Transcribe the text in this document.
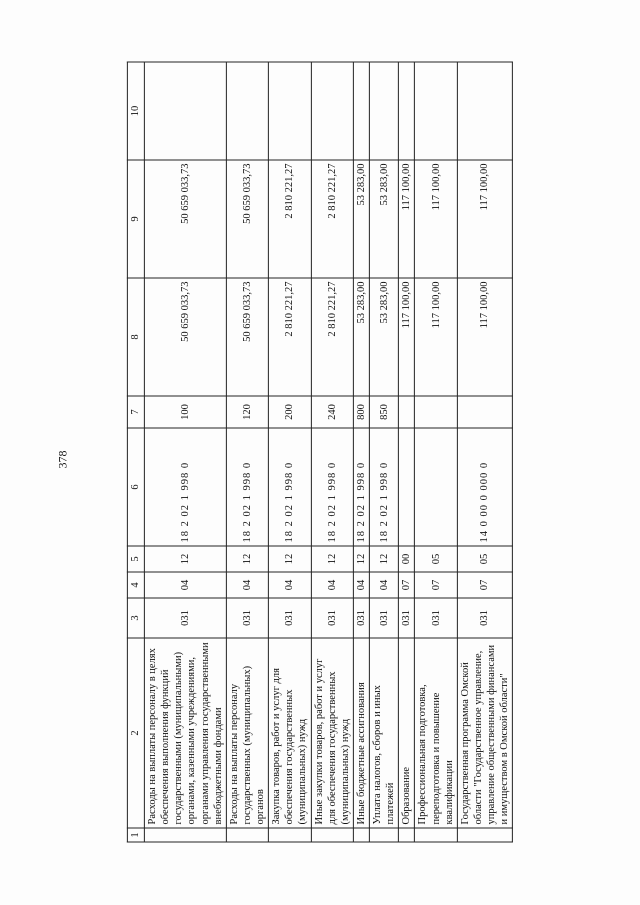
378
1	2	3	4	5	6	7	8	9	10
	Расходы на выплаты персоналу в целях обеспечения выполнения функций государственными (муниципальными) органами, казенными учреждениями, органами управления государственными внебюджетными фондами	031	04	12	18 2 02 1 998 0	100	50 659 033,73	50 659 033,73	
	Расходы на выплаты персоналу государственных (муниципальных) органов	031	04	12	18 2 02 1 998 0	120	50 659 033,73	50 659 033,73	
	Закупка товаров, работ и услуг для обеспечения государственных (муниципальных) нужд	031	04	12	18 2 02 1 998 0	200	2 810 221,27	2 810 221,27	
	Иные закупки товаров, работ и услуг для обеспечения государственных (муниципальных) нужд	031	04	12	18 2 02 1 998 0	240	2 810 221,27	2 810 221,27	
	Иные бюджетные ассигнования	031	04	12	18 2 02 1 998 0	800	53 283,00	53 283,00	
	Уплата налогов, сборов и иных платежей	031	04	12	18 2 02 1 998 0	850	53 283,00	53 283,00	
	Образование	031	07	00			117 100,00	117 100,00	
	Профессиональная подготовка, переподготовка и повышение квалификации	031	07	05			117 100,00	117 100,00	
	Государственная программа Омской области "Государственное управление, управление общественными финансами и имуществом в Омской области"	031	07	05	14 0 00 0 000 0		117 100,00	117 100,00	
